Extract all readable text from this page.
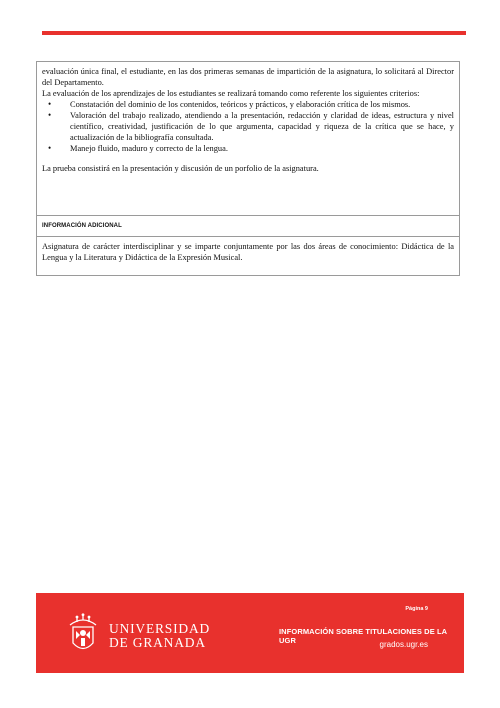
evaluación única final, el estudiante, en las dos primeras semanas de impartición de la asignatura, lo solicitará al Director del Departamento.

La evaluación de los aprendizajes de los estudiantes se realizará tomando como referente los siguientes criterios:

• Constatación del dominio de los contenidos, teóricos y prácticos, y elaboración crítica de los mismos.
• Valoración del trabajo realizado, atendiendo a la presentación, redacción y claridad de ideas, estructura y nivel científico, creatividad, justificación de lo que argumenta, capacidad y riqueza de la crítica que se hace, y actualización de la bibliografía consultada.
• Manejo fluido, maduro y correcto de la lengua.

La prueba consistirá en la presentación y discusión de un porfolio de la asignatura.

INFORMACIÓN ADICIONAL
Asignatura de carácter interdisciplinar y se imparte conjuntamente por las dos áreas de conocimiento: Didáctica de la Lengua y la Literatura y Didáctica de la Expresión Musical.
UNIVERSIDAD
DE GRANADA
Página 9
INFORMACIÓN SOBRE TITULACIONES DE LA UGR	grados.ugr.es
